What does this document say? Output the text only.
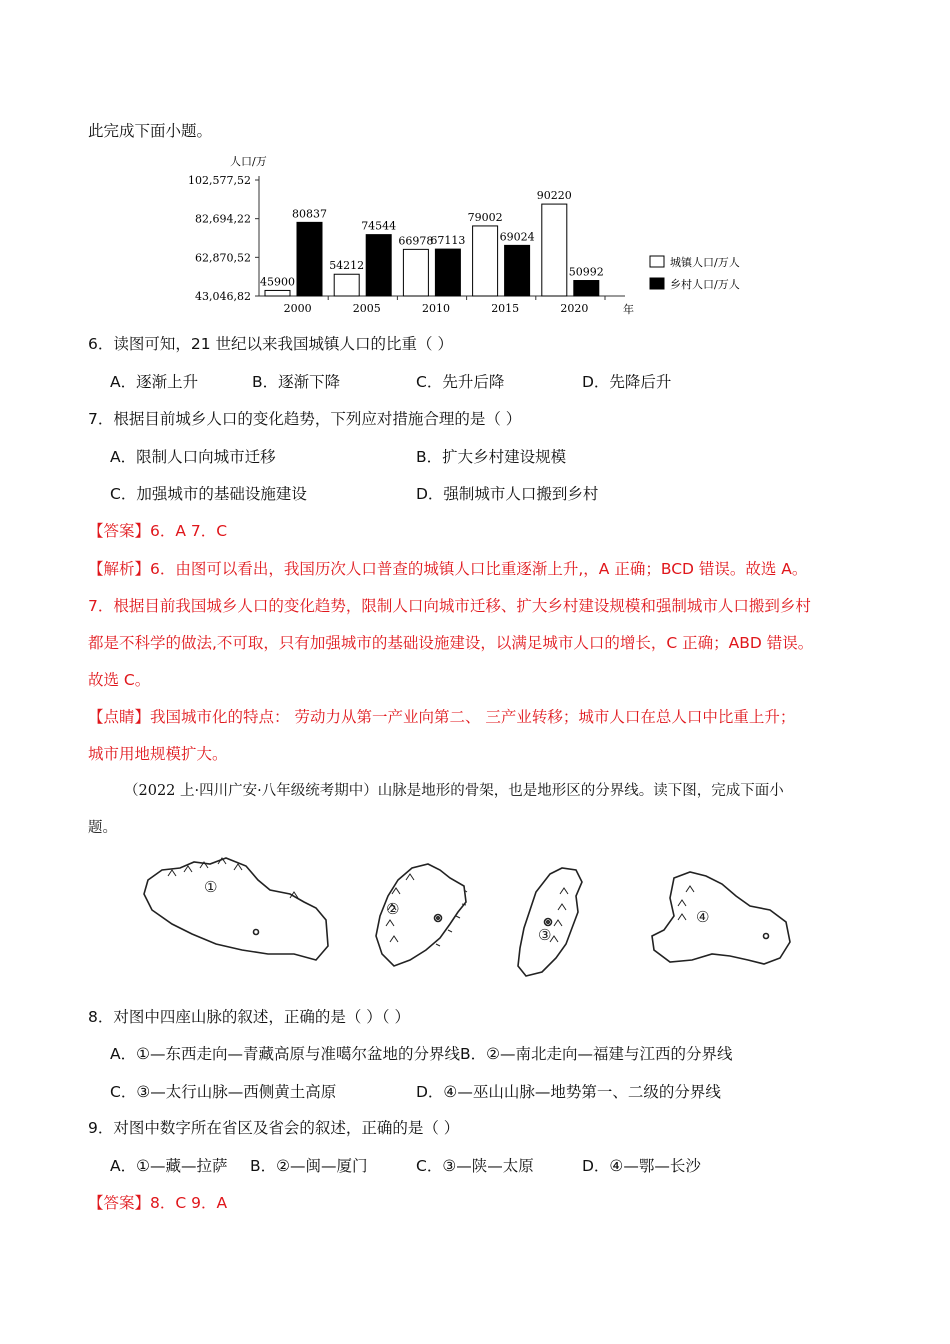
此完成下面小题。
人口/万
年
102,577,52
82,694,22
62,870,52
43,046,82
45900
80837
54212
74544
66978
67113
79002
69024
90220
50992
2000	2005	2010	2015	2020
6．读图可知，21 世纪以来我国城镇人口的比重（ ）
A．逐渐上升	B．逐渐下降	C．先升后降	D．先降后升
7．根据目前城乡人口的变化趋势，下列应对措施合理的是（ ）
A．限制人口向城市迁移	B．扩大乡村建设规模
C．加强城市的基础设施建设	D．强制城市人口搬到乡村
【答案】6．A 7．C
【解析】6．由图可以看出，我国历次人口普查的城镇人口比重逐渐上升,，A 正确；BCD 错误。故选 A。
7．根据目前我国城乡人口的变化趋势，限制人口向城市迁移、扩大乡村建设规模和强制城市人口搬到乡村
都是不科学的做法,不可取，只有加强城市的基础设施建设，以满足城市人口的增长，C 正确；ABD 错误。
故选 C。
【点睛】我国城市化的特点： 劳动力从第一产业向第二、 三产业转移；城市人口在总人口中比重上升；
城市用地规模扩大。
（2022 上·四川广安·八年级统考期中）山脉是地形的骨架，也是地形区的分界线。读下图，完成下面小
题。
①
②
③
④
8．对图中四座山脉的叙述，正确的是（ ）（ ）
A．①—东西走向—青藏高原与准噶尔盆地的分界线B．②—南北走向—福建与江西的分界线
C．③—太行山脉—西侧黄土高原	D．④—巫山山脉—地势第一、二级的分界线
9．对图中数字所在省区及省会的叙述，正确的是（ ）
A．①—藏—拉萨 B．②—闽—厦门	C．③—陕—太原	D．④—鄂—长沙
【答案】8．C 9．A
城镇人口/万人
乡村人口/万人
